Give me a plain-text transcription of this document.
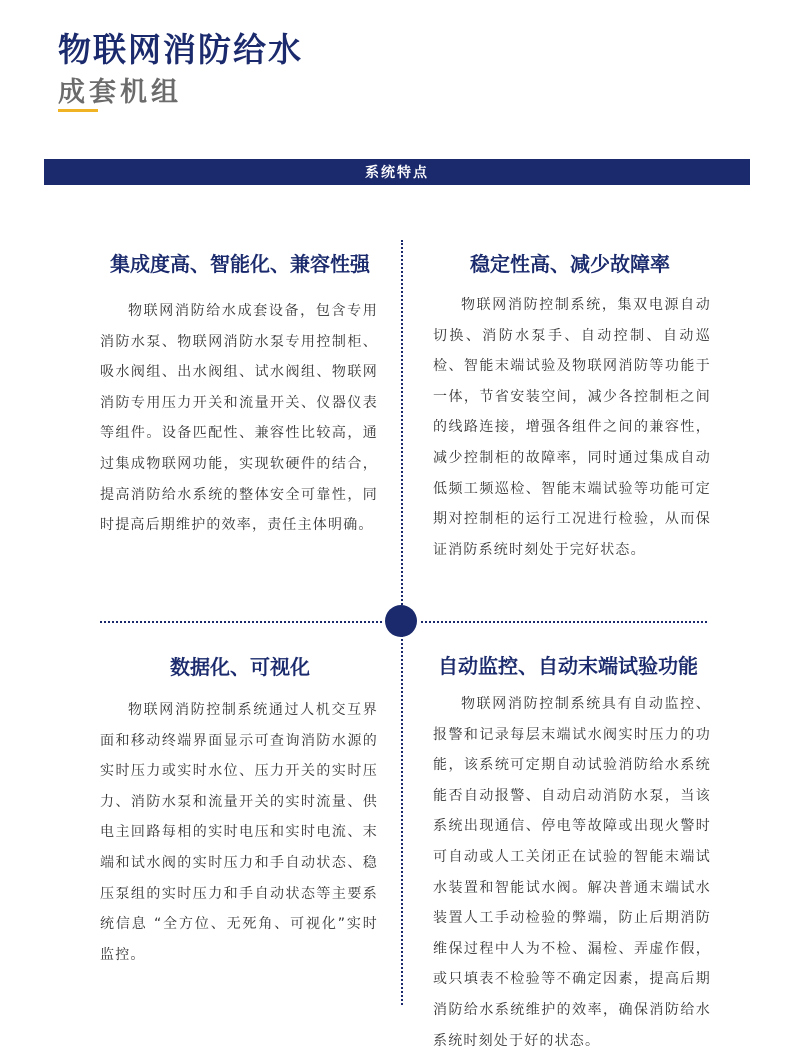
物联网消防给水
成套机组
系统特点
集成度高、智能化、兼容性强

物联网消防给水成套设备，包含专用消防水泵、物联网消防水泵专用控制柜、吸水阀组、出水阀组、试水阀组、物联网消防专用压力开关和流量开关、仪器仪表等组件。设备匹配性、兼容性比较高，通过集成物联网功能，实现软硬件的结合，提高消防给水系统的整体安全可靠性，同时提高后期维护的效率，责任主体明确。

稳定性高、减少故障率

物联网消防控制系统，集双电源自动切换、消防水泵手、自动控制、自动巡检、智能末端试验及物联网消防等功能于一体，节省安装空间，减少各控制柜之间的线路连接，增强各组件之间的兼容性，减少控制柜的故障率，同时通过集成自动低频工频巡检、智能末端试验等功能可定期对控制柜的运行工况进行检验，从而保证消防系统时刻处于完好状态。

数据化、可视化

物联网消防控制系统通过人机交互界面和移动终端界面显示可查询消防水源的实时压力或实时水位、压力开关的实时压力、消防水泵和流量开关的实时流量、供电主回路每相的实时电压和实时电流、末端和试水阀的实时压力和手自动状态、稳压泵组的实时压力和手自动状态等主要系统信息 “全方位、无死角、可视化”实时监控。

自动监控、自动末端试验功能

物联网消防控制系统具有自动监控、报警和记录每层末端试水阀实时压力的功能，该系统可定期自动试验消防给水系统能否自动报警、自动启动消防水泵，当该系统出现通信、停电等故障或出现火警时可自动或人工关闭正在试验的智能末端试水装置和智能试水阀。解决普通末端试水装置人工手动检验的弊端，防止后期消防维保过程中人为不检、漏检、弄虚作假，或只填表不检验等不确定因素，提高后期消防给水系统维护的效率，确保消防给水系统时刻处于好的状态。
